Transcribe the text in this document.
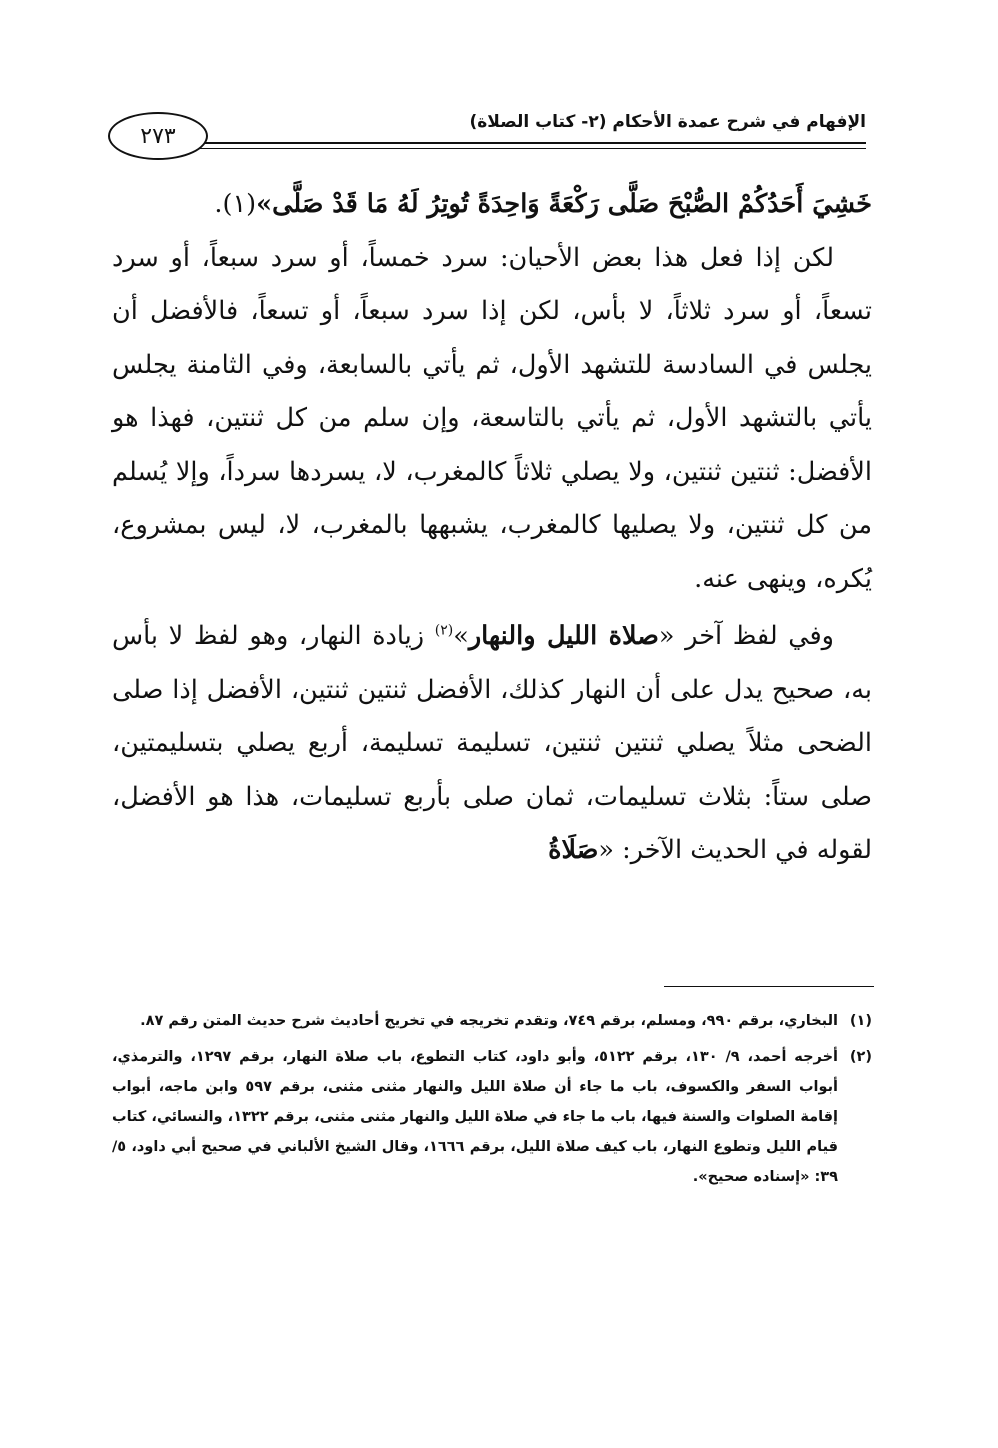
٢٧٣
الإفهام في شرح عمدة الأحكام (٢- كتاب الصلاة)

خَشِيَ أَحَدُكُمْ الصُّبْحَ صَلَّى رَكْعَةً وَاحِدَةً تُوتِرُ لَهُ مَا قَدْ صَلَّى»(١).

لكن إذا فعل هذا بعض الأحيان: سرد خمساً، أو سرد سبعاً، أو سرد تسعاً، أو سرد ثلاثاً، لا بأس، لكن إذا سرد سبعاً، أو تسعاً، فالأفضل أن يجلس في السادسة للتشهد الأول، ثم يأتي بالسابعة، وفي الثامنة يجلس يأتي بالتشهد الأول، ثم يأتي بالتاسعة، وإن سلم من كل ثنتين، فهذا هو الأفضل: ثنتين ثنتين، ولا يصلي ثلاثاً كالمغرب، لا، يسردها سرداً، وإلا يُسلم من كل ثنتين، ولا يصليها كالمغرب، يشبهها بالمغرب، لا، ليس بمشروع، يُكره، وينهى عنه.

وفي لفظ آخر «صلاة الليل والنهار»$^{(٢)}$ زيادة النهار، وهو لفظ لا بأس به، صحيح يدل على أن النهار كذلك، الأفضل ثنتين ثنتين، الأفضل إذا صلى الضحى مثلاً يصلي ثنتين ثنتين، تسليمة تسليمة، أربع يصلي بتسليمتين، صلى ستاً: بثلاث تسليمات، ثمان صلى بأربع تسليمات، هذا هو الأفضل، لقوله في الحديث الآخر: «صَلَاةُ

(١)
البخاري، برقم ٩٩٠، ومسلم، برقم ٧٤٩، وتقدم تخريجه في تخريج أحاديث شرح حديث المتن رقم ٨٧.

(٢)
أخرجه أحمد، ٩/ ١٣٠، برقم ٥١٢٢، وأبو داود، كتاب التطوع، باب صلاة النهار، برقم ١٢٩٧، والترمذي، أبواب السفر والكسوف، باب ما جاء أن صلاة الليل والنهار مثنى مثنى، برقم ٥٩٧ وابن ماجه، أبواب إقامة الصلوات والسنة فيها، باب ما جاء في صلاة الليل والنهار مثنى مثنى، برقم ١٣٢٢، والنسائي، كتاب قيام الليل وتطوع النهار، باب كيف صلاة الليل، برقم ١٦٦٦، وقال الشيخ الألباني في صحيح أبي داود، ٥/ ٣٩: «إسناده صحيح».
